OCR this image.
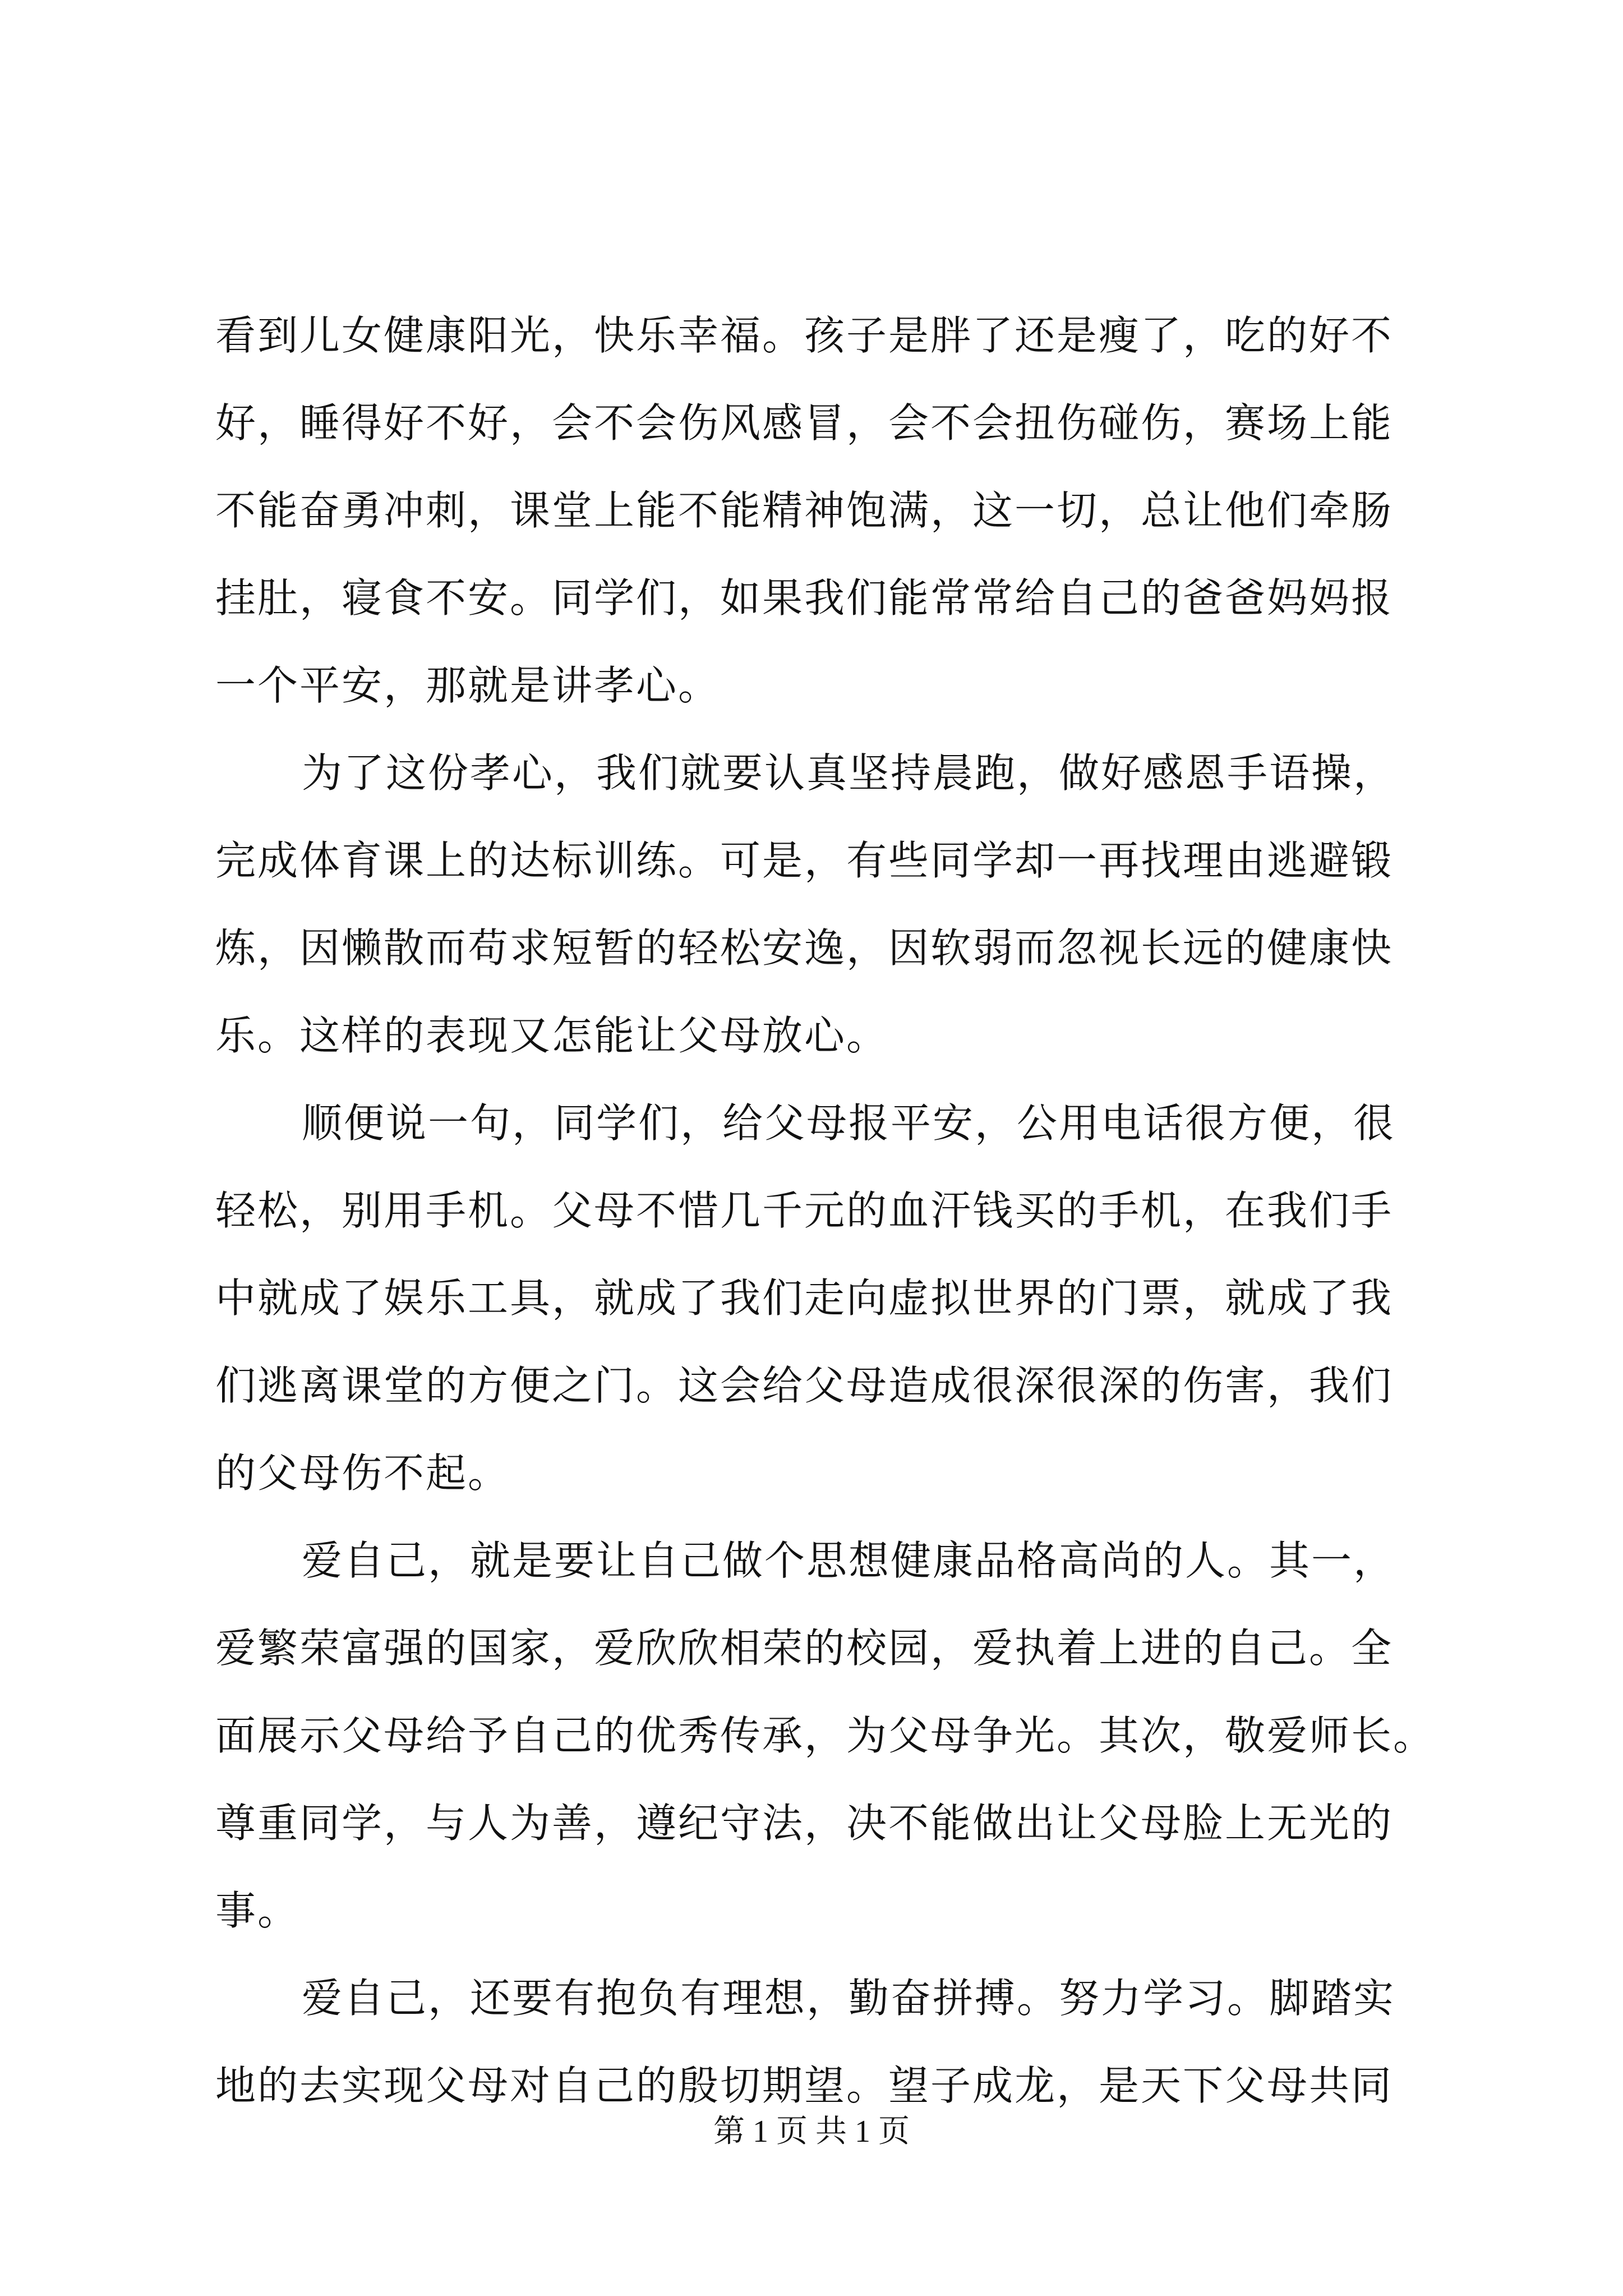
看到儿女健康阳光，快乐幸福。孩子是胖了还是瘦了，吃的好不
好，睡得好不好，会不会伤风感冒，会不会扭伤碰伤，赛场上能
不能奋勇冲刺，课堂上能不能精神饱满，这一切，总让他们牵肠
挂肚，寝食不安。同学们，如果我们能常常给自己的爸爸妈妈报
一个平安，那就是讲孝心。
为了这份孝心，我们就要认真坚持晨跑，做好感恩手语操，
完成体育课上的达标训练。可是，有些同学却一再找理由逃避锻
炼，因懒散而苟求短暂的轻松安逸，因软弱而忽视长远的健康快
乐。这样的表现又怎能让父母放心。
顺便说一句，同学们，给父母报平安，公用电话很方便，很
轻松，别用手机。父母不惜几千元的血汗钱买的手机，在我们手
中就成了娱乐工具，就成了我们走向虚拟世界的门票，就成了我
们逃离课堂的方便之门。这会给父母造成很深很深的伤害，我们
的父母伤不起。
爱自己，就是要让自己做个思想健康品格高尚的人。其一，
爱繁荣富强的国家，爱欣欣相荣的校园，爱执着上进的自己。全
面展示父母给予自己的优秀传承，为父母争光。其次，敬爱师长。
尊重同学，与人为善，遵纪守法，决不能做出让父母脸上无光的
事。
爱自己，还要有抱负有理想，勤奋拼搏。努力学习。脚踏实
地的去实现父母对自己的殷切期望。望子成龙，是天下父母共同
第 1 页 共 1 页
